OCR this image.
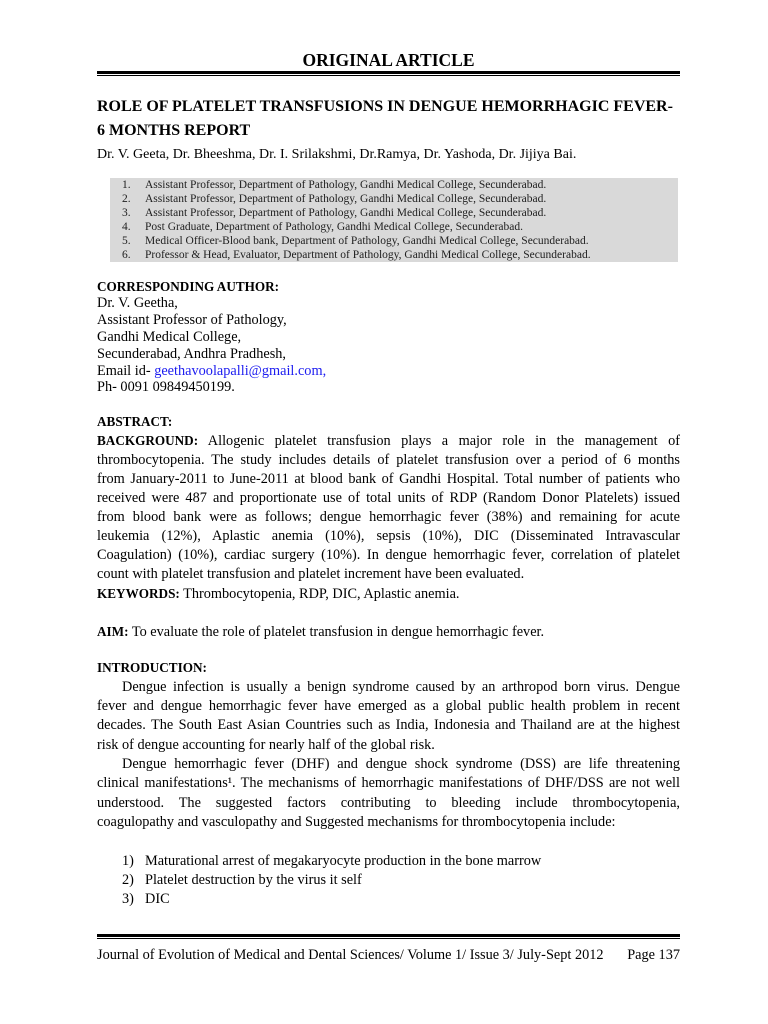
ORIGINAL ARTICLE
ROLE OF PLATELET TRANSFUSIONS IN DENGUE HEMORRHAGIC FEVER-
6 MONTHS REPORT
Dr. V. Geeta, Dr. Bheeshma, Dr. I. Srilakshmi, Dr.Ramya, Dr. Yashoda, Dr. Jijiya Bai.
1. Assistant Professor, Department of Pathology, Gandhi Medical College, Secunderabad.
2. Assistant Professor, Department of Pathology, Gandhi Medical College, Secunderabad.
3. Assistant Professor, Department of Pathology, Gandhi Medical College, Secunderabad.
4. Post Graduate, Department of Pathology, Gandhi Medical College, Secunderabad.
5. Medical Officer-Blood bank, Department of Pathology, Gandhi Medical College, Secunderabad.
6. Professor & Head, Evaluator, Department of Pathology, Gandhi Medical College, Secunderabad.
CORRESPONDING AUTHOR:
Dr. V. Geetha,
Assistant Professor of Pathology,
Gandhi Medical College,
Secunderabad, Andhra Pradhesh,
Email id- geethavoolapalli@gmail.com,
Ph- 0091 09849450199.
ABSTRACT:
BACKGROUND: Allogenic platelet transfusion plays a major role in the management of
thrombocytopenia. The study includes details of platelet transfusion over a period of 6 months
from January-2011 to June-2011 at blood bank of Gandhi Hospital. Total number of patients who
received were 487 and proportionate use of total units of RDP (Random Donor Platelets) issued
from blood bank were as follows; dengue hemorrhagic fever (38%) and remaining for acute
leukemia (12%), Aplastic anemia (10%), sepsis (10%), DIC (Disseminated Intravascular
Coagulation) (10%), cardiac surgery (10%). In dengue hemorrhagic fever, correlation of platelet
count with platelet transfusion and platelet increment have been evaluated.
KEYWORDS: Thrombocytopenia, RDP, DIC, Aplastic anemia.
AIM: To evaluate the role of platelet transfusion in dengue hemorrhagic fever.
INTRODUCTION:
Dengue infection is usually a benign syndrome caused by an arthropod born virus. Dengue
fever and dengue hemorrhagic fever have emerged as a global public health problem in recent
decades. The South East Asian Countries such as India, Indonesia and Thailand are at the highest
risk of dengue accounting for nearly half of the global risk.
Dengue hemorrhagic fever (DHF) and dengue shock syndrome (DSS) are life threatening
clinical manifestations¹. The mechanisms of hemorrhagic manifestations of DHF/DSS are not well
understood. The suggested factors contributing to bleeding include thrombocytopenia,
coagulopathy and vasculopathy and Suggested mechanisms for thrombocytopenia include:
1) Maturational arrest of megakaryocyte production in the bone marrow
2) Platelet destruction by the virus it self
3) DIC
Journal of Evolution of Medical and Dental Sciences/ Volume 1/ Issue 3/ July-Sept 2012 Page 137
